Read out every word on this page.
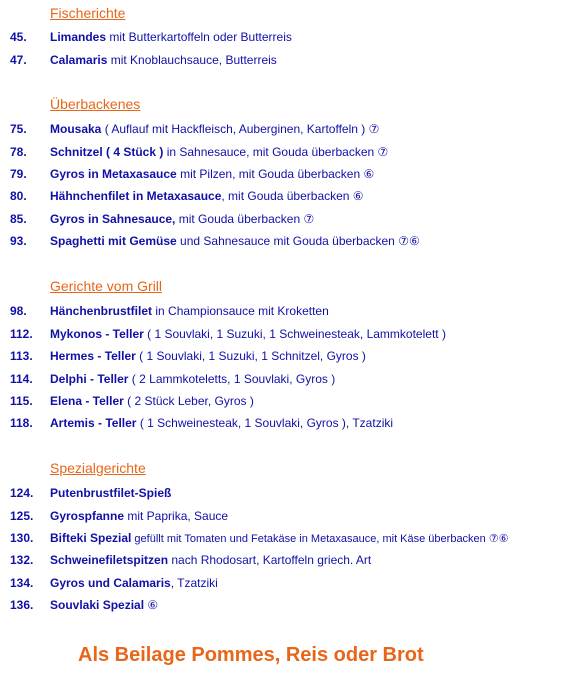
Fischerichte
45. Limandes mit Butterkartoffeln oder Butterreis
47. Calamaris mit Knoblauchsauce, Butterreis
Überbackenes
75. Mousaka ( Auflauf mit Hackfleisch, Auberginen, Kartoffeln ) ⑦
78. Schnitzel ( 4 Stück ) in Sahnesauce, mit Gouda überbacken ⑦
79. Gyros in Metaxasauce mit Pilzen, mit Gouda überbacken ⑥
80. Hähnchenfilet in Metaxasauce, mit Gouda überbacken ⑥
85. Gyros in Sahnesauce, mit Gouda überbacken ⑦
93. Spaghetti mit Gemüse und Sahnesauce mit Gouda überbacken ⑦⑥
Gerichte vom Grill
98. Hänchenbrustfilet in Championsauce mit Kroketten
112. Mykonos - Teller ( 1 Souvlaki, 1 Suzuki, 1 Schweinesteak, Lammkotelett )
113. Hermes - Teller ( 1 Souvlaki, 1 Suzuki, 1 Schnitzel, Gyros )
114. Delphi - Teller ( 2 Lammkoteletts, 1 Souvlaki, Gyros )
115. Elena - Teller ( 2 Stück Leber, Gyros )
118. Artemis - Teller ( 1 Schweinesteak, 1 Souvlaki, Gyros ), Tzatziki
Spezialgerichte
124. Putenbrustfilet-Spieß
125. Gyrospfanne mit Paprika, Sauce
130. Bifteki Spezial gefüllt mit Tomaten und Fetakäse in Metaxasauce, mit Käse überbacken ⑦⑥
132. Schweinefiletspitzen nach Rhodosart, Kartoffeln griech. Art
134. Gyros und Calamaris, Tzatziki
136. Souvlaki Spezial ⑥
Als Beilage Pommes, Reis oder Brot
